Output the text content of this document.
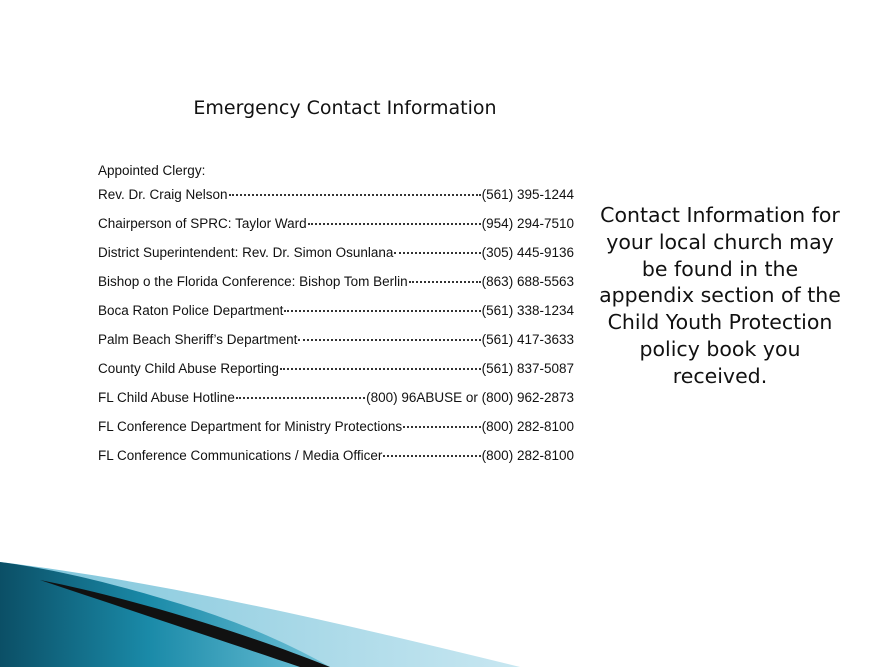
Emergency Contact Information
Appointed Clergy:
Rev. Dr. Craig Nelson	(561) 395-1244
Chairperson of SPRC: Taylor Ward	(954) 294-7510
District Superintendent: Rev. Dr. Simon Osunlana	(305) 445-9136
Bishop o the Florida Conference: Bishop Tom Berlin	(863) 688-5563
Boca Raton Police Department	(561) 338-1234
Palm Beach Sheriff’s Department	(561) 417-3633
County Child Abuse Reporting	(561) 837-5087
FL Child Abuse Hotline	(800) 96ABUSE or (800) 962-2873
FL Conference Department for Ministry Protections	(800) 282-8100
FL Conference Communications / Media Officer	(800) 282-8100
Contact Information for your local church may be found in the appendix section of the Child Youth Protection policy book you received.
